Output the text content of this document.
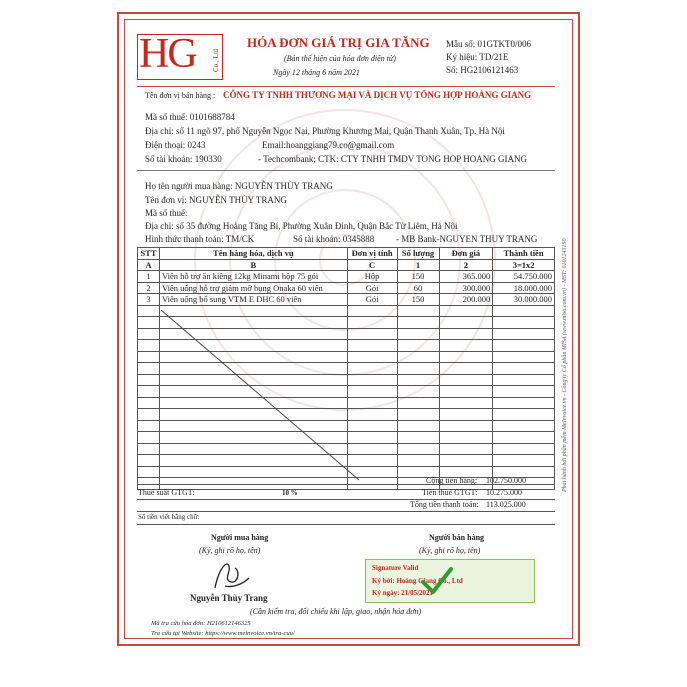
HG Co., Ltd
HÓA ĐƠN GIÁ TRỊ GIA TĂNG
(Bản thể hiện của hóa đơn điện tử)
Ngày 12 tháng 6 năm 2021
Mẫu số: 01GTKT0/006
Ký hiệu: TD/21E
Số: HG2106121463
Tên đơn vị bán hàng : CÔNG TY TNHH THƯƠNG MẠI VÀ DỊCH VỤ TỔNG HỢP HOÀNG GIANG
Mã số thuế: 0101688784
Địa chỉ: số 11 ngõ 97, phố Nguyễn Ngọc Nại, Phường Khương Mai, Quận Thanh Xuân, Tp. Hà Nội
Điện thoại: 0243	Email:hoanggiang79.co@gmail.com
Số tài khoản: 190330	- Techcombank; CTK: CTY TNHH TMDV TONG HOP HOANG GIANG
Họ tên người mua hàng: NGUYỄN THÙY TRANG
Tên đơn vị: NGUYỄN THÙY TRANG
Mã số thuế:
Địa chỉ: số 35 đường Hoàng Tăng Bí, Phường Xuân Đỉnh, Quận Bắc Từ Liêm, Hà Nội
Hình thức thanh toán: TM/CK	Số tài khoản: 0345888 - MB Bank-NGUYEN THUY TRANG
STT	Tên hàng hóa, dịch vụ	Đơn vị tính	Số lượng	Đơn giá	Thành tiền
A	B	C	1	2	3=1x2
1	Viên hỗ trợ ăn kiêng 12kg Minami hộp 75 gói	Hộp	150	365.000	54.750.000
2	Viên uống hỗ trợ giảm mỡ bụng Onaka 60 viên	Gói	60	300.000	18.000.000
3	Viên uống bổ sung VTM E DHC 60 viên	Gói	150	200.000	30.000.000

Cộng tiền hàng: 102.750.000
Thuế suất GTGT:	10 %	Tiền thuế GTGT: 10.275.000
Tổng tiền thanh toán: 113.025.000
Số tiền viết bằng chữ:
Người mua hàng
(Ký, ghi rõ họ, tên)
Nguyễn Thùy Trang
Người bán hàng
(Ký, ghi rõ họ, tên)
Signature Valid
Ký bởi: Hoàng Giang Co., Ltd
Ký ngày: 21/05/2021
(Cần kiểm tra, đối chiếu khi lập, giao, nhận hóa đơn)
Mã tra cứu hóa đơn: H210612146325
Tra cứu tại Website: https://www.meinvoice.vn/tra-cuu/
Phát hành bởi phần mềm MeInvoice.vn - Công ty Cổ phần MISA (www.misa.com.vn) - MST: 0101243150
